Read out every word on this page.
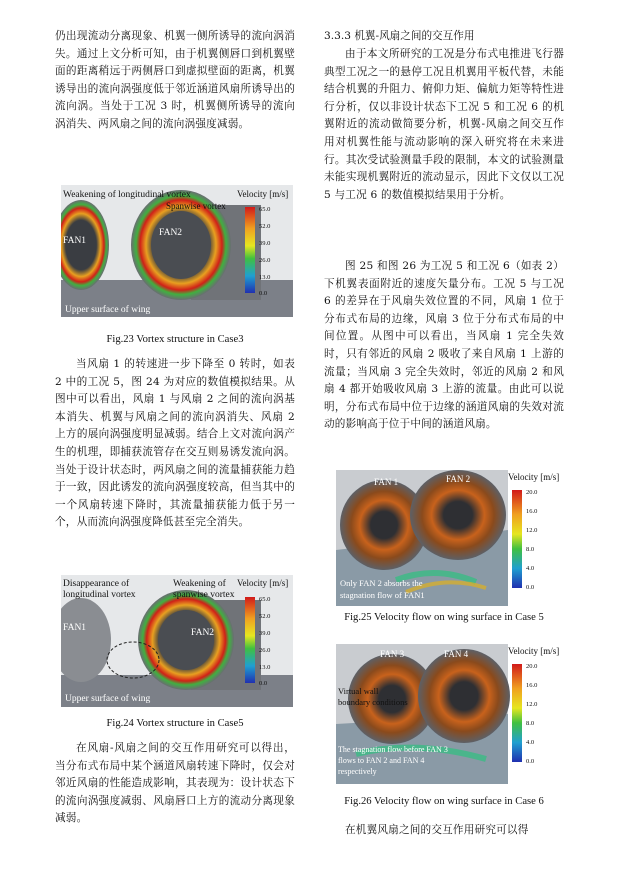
仍出现流动分离现象、机翼一侧所诱导的流向涡消失。通过上文分析可知，由于机翼侧唇口到机翼壁面的距离稍远于两侧唇口到虚拟壁面的距离，机翼诱导出的流向涡强度低于邻近涵道风扇所诱导出的流向涡。当处于工况 3 时，机翼侧所诱导的流向涡消失、两风扇之间的流向涡强度减弱。

Weakening of longitudinal vortex
Spanwise vortex
FAN1
FAN2
Upper surface of wing
Velocity [m/s]
65.0
52.0
39.0
26.0
13.0
0.0

Fig.23 Vortex structure in Case3

当风扇 1 的转速进一步下降至 0 转时，如表 2 中的工况 5，图 24 为对应的数值模拟结果。从图中可以看出，风扇 1 与风扇 2 之间的流向涡基本消失、机翼与风扇之间的流向涡消失、风扇 2 上方的展向涡强度明显减弱。结合上文对流向涡产生的机理，即捕获流管存在交互则易诱发流向涡。当处于设计状态时，两风扇之间的流量捕获能力趋于一致，因此诱发的流向涡强度较高，但当其中的一个风扇转速下降时，其流量捕获能力低于另一个，从而流向涡强度降低甚至完全消失。

Disappearance of
longitudinal vortex
Weakening of
spanwise vortex
FAN1	FAN2
Upper surface of wing
Velocity [m/s]
65.0
52.0
39.0
26.0
13.0
0.0

Fig.24 Vortex structure in Case5

在风扇-风扇之间的交互作用研究可以得出，当分布式布局中某个涵道风扇转速下降时，仅会对邻近风扇的性能造成影响，其表现为：设计状态下的流向涡强度减弱、风扇唇口上方的流动分离现象减弱。

3.3.3 机翼-风扇之间的交互作用

由于本文所研究的工况是分布式电推进飞行器典型工况之一的悬停工况且机翼用平板代替，未能结合机翼的升阻力、俯仰力矩、偏航力矩等特性进行分析，仅以非设计状态下工况 5 和工况 6 的机翼附近的流动做简要分析，机翼-风扇之间交互作用对机翼性能与流动影响的深入研究将在未来进行。其次受试验测量手段的限制，本文的试验测量未能实现机翼附近的流动显示，因此下文仅以工况 5 与工况 6 的数值模拟结果用于分析。

图 25 和图 26 为工况 5 和工况 6（如表 2）下机翼表面附近的速度矢量分布。工况 5 与工况 6 的差异在于风扇失效位置的不同，风扇 1 位于分布式布局的边缘，风扇 3 位于分布式布局的中间位置。从图中可以看出，当风扇 1 完全失效时，只有邻近的风扇 2 吸收了来自风扇 1 上游的流量；当风扇 3 完全失效时，邻近的风扇 2 和风扇 4 都开始吸收风扇 3 上游的流量。由此可以说明，分布式布局中位于边缘的涵道风扇的失效对流动的影响高于位于中间的涵道风扇。

FAN 1	FAN 2
Only FAN 2 absorbs the
stagnation flow of FAN1
Velocity [m/s]
20.0
16.0
12.0
8.0
4.0
0.0

Fig.25 Velocity flow on wing surface in Case 5

FAN 3	FAN 4
Virtual wall
boundary conditions
The stagnation flow before FAN 3
flows to FAN 2 and FAN 4
respectively
Velocity [m/s]
20.0
16.0
12.0
8.0
4.0
0.0

Fig.26 Velocity flow on wing surface in Case 6

在机翼风扇之间的交互作用研究可以得
